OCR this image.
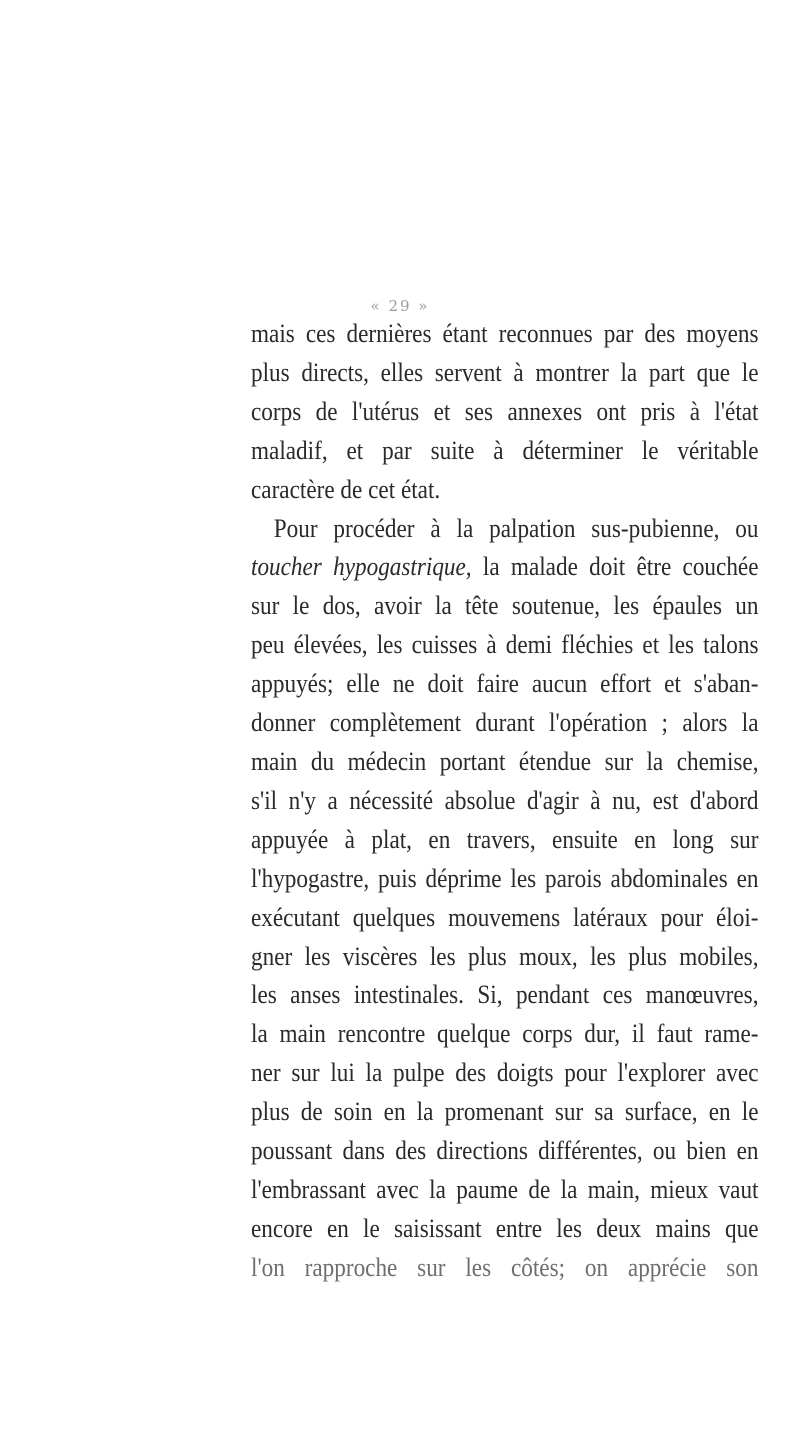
« 29 »
mais ces dernières étant reconnues par des moyens
plus directs, elles servent à montrer la part que le
corps de l'utérus et ses annexes ont pris à l'état
maladif, et par suite à déterminer le véritable
caractère de cet état.
Pour procéder à la palpation sus-pubienne, ou
toucher hypogastrique, la malade doit être couchée
sur le dos, avoir la tête soutenue, les épaules un
peu élevées, les cuisses à demi fléchies et les talons
appuyés; elle ne doit faire aucun effort et s'aban-
donner complètement durant l'opération ; alors la
main du médecin portant étendue sur la chemise,
s'il n'y a nécessité absolue d'agir à nu, est d'abord
appuyée à plat, en travers, ensuite en long sur
l'hypogastre, puis déprime les parois abdominales en
exécutant quelques mouvemens latéraux pour éloi-
gner les viscères les plus moux, les plus mobiles,
les anses intestinales. Si, pendant ces manœuvres,
la main rencontre quelque corps dur, il faut rame-
ner sur lui la pulpe des doigts pour l'explorer avec
plus de soin en la promenant sur sa surface, en le
poussant dans des directions différentes, ou bien en
l'embrassant avec la paume de la main, mieux vaut
encore en le saisissant entre les deux mains que
l'on rapproche sur les côtés; on apprécie son
